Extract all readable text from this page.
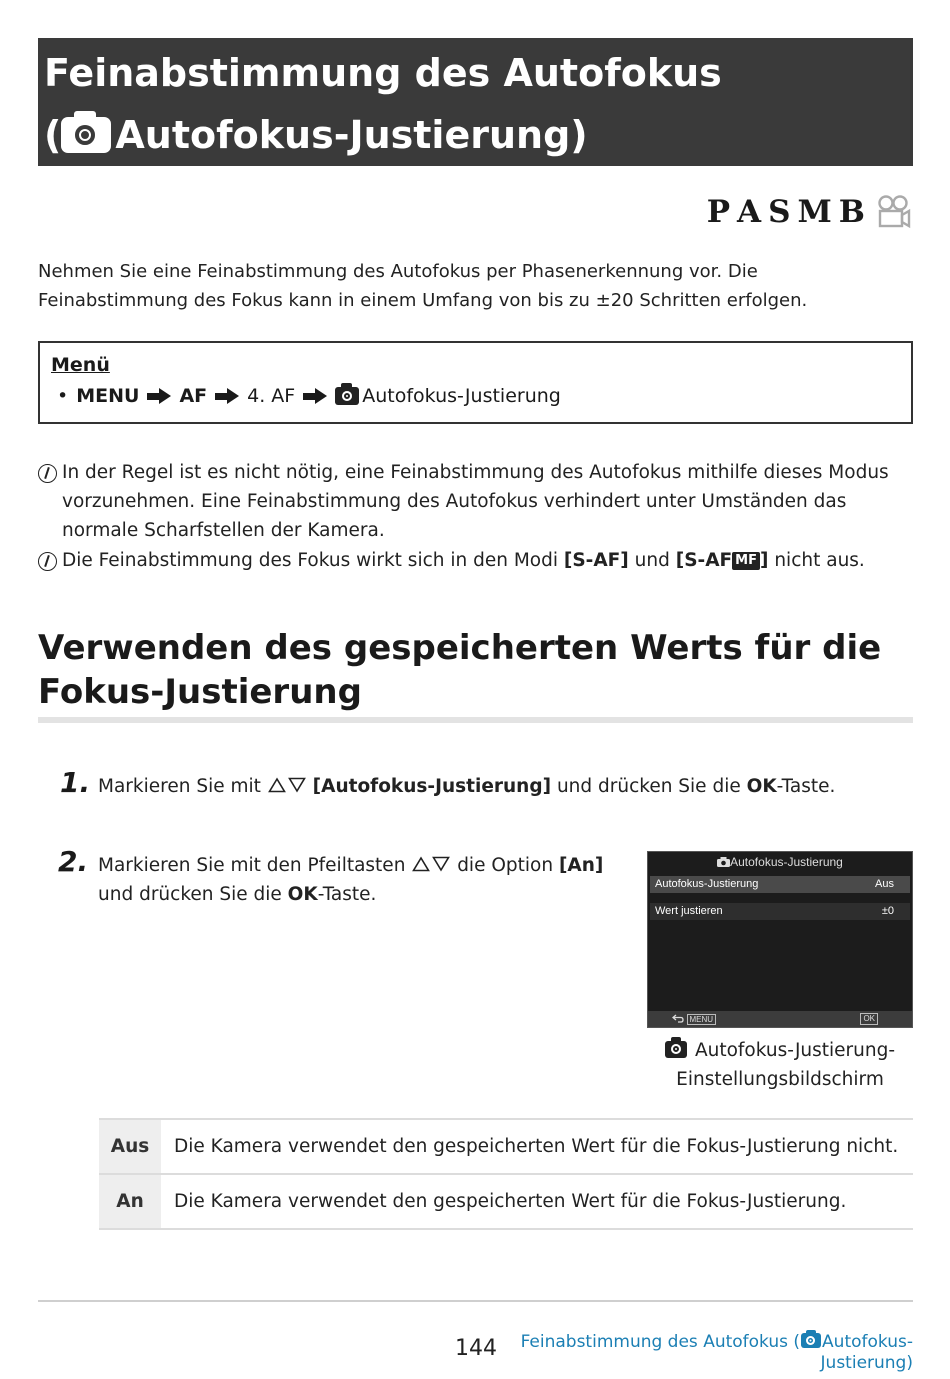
Feinabstimmung des Autofokus
( Autofokus-Justierung)
P A S M B
Nehmen Sie eine Feinabstimmung des Autofokus per Phasenerkennung vor. Die Feinabstimmung des Fokus kann in einem Umfang von bis zu ±20 Schritten erfolgen.
Menü
• MENU AF 4. AF	Autofokus-Justierung
In der Regel ist es nicht nötig, eine Feinabstimmung des Autofokus mithilfe dieses Modus vorzunehmen. Eine Feinabstimmung des Autofokus verhindert unter Umständen das normale Scharfstellen der Kamera.
Die Feinabstimmung des Fokus wirkt sich in den Modi [S-AF] und [S-AF MF ] nicht aus.
Verwenden des gespeicherten Werts für die Fokus-Justierung
1. Markieren Sie mit  [Autofokus-Justierung] und drücken Sie die OK-Taste.
2. Markieren Sie mit den Pfeiltasten  die Option [An] und drücken Sie die OK-Taste.
Autofokus-Justierung
Autofokus-Justierung	Aus
Wert justieren	±0
MENU	OK
Autofokus-Justierung-
Einstellungsbildschirm
Aus	Die Kamera verwendet den gespeicherten Wert für die Fokus-Justierung nicht.
An	Die Kamera verwendet den gespeicherten Wert für die Fokus-Justierung.
144	Feinabstimmung des Autofokus ( Autofokus-
Justierung)
